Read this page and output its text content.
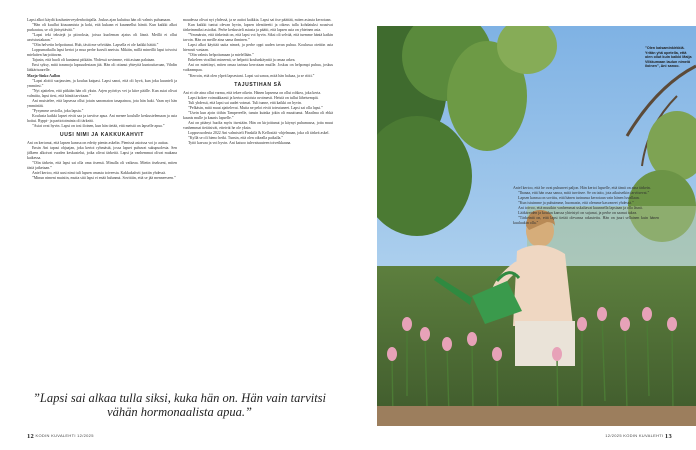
Lapsi alkoi käydä koulunterveydenhoitajalla. Joskus ajan kuluttua hän oli valmis puhumaan.

”Hän oli kuullut kiusaamista ja koki, että kukaan ei kuunnellut häntä. Kun kaikki alkoi purkautua, se oli järisyttävää.”

”Lapsi teki tekstejä ja piirroksia, joissa kuoleman ajatus oli läsnä. Meillä ei ollut aavistustakaan.”

”Olin helvetin helpottunut. Huh, tästä me selvitään. Lapsella ei ole kaikki hätää.”

Loppumatkalla lapsi kertoi ja mua perhe kuvuli aneista. Mikäin, millä mineillä lapsi toivoisi mieluiten harjoittavan.

Tajusin, että huoli oli kantanut pitkään. Yhdessä sovimme, että asiaan palataan.

Ensi syksy, mitä traumoja lapsuudestaan jää. Hän oli ottanut yhteyttä kuntouttavaan, Vihdin lääkärisaarelle.

Marja-Sinko Aallon

”Lapsi aloitti suojausten, ja koulua kaipasi. Lapsi sanoi, että oli hyvä, kun joku kuunteli ja ymmärsi.”

”Nyt ajattelen, että pitkään hän oli yksin. Arjen pyöritys vei ja kiire päälle. Kun asiat olivat valmiita, lapsi tiesi, että häntä tarvitaan.”

Ani muistelee, että lapsessa ollut jotain sanomaton tasapainoa, jota hän haki. Vaan nyt hän ymmärtää.

”Pysymme arviolla, joka lapsia.”

Koulusta kaikki lapset eivät saa ja tarvitse apua. Ani menee koululle keskustelemaan ja asia hoitui. Ryppi- ja partiotoiminta oli tärkeää.

”Asiat ovat hyvin. Lapsi on tosi iloinen, kun hän tietää, että meistä on lapselle apua.”

UUSI NIMI JA KAKKUKAHVIT

Ani on kertonut, että lapsen kanssa on edetty pienin askelin. Pienissä asioissa voi jo auttaa.

Ensin Ani tapasi ohjaajan, joka kertoi ryhmästä, jossa lapset puhuvat sukupuolesta. Sen jälkeen alkoivat vuoden keskustelut, jotka olivat tärkeitä. Lapsi ja vanhemmat olivat mukana kaikessa.

”Olin tärkein, että lapsi sai olla oma itsensä. Minulla oli vaikeaa. Mietin itsekseni, miten tästä jatketaan.”

Aniel kertoo, että uusi nimi tuli lapsen omasta toiveesta. Kakkukahvit juotiin yhdessä.

”Minun nimeni muistin, mutta sitä lapsi ei enää halunnut. Sovittiin, että se jää menneeseen.”

maudessa olivat nyt yhdessä, ja se auttoi kaikkia. Lapsi sai itse päättää, miten asiasta kerrotaan.

Kun kaikki tuntui olevan hyvin, lapsen identiteetti ja oikeus tulla kohdatuksi nousivat tärkeimmiksi asioiksi. Perhe keskusteli asiasta ja päätti, että lapsen asia on yhteinen asia.

”Ymmärsin, että tärkeintä on, että lapsi voi hyvin. Siksi oli selvää, että tuemme häntä kaikin tavoin. Hän on meille aina sama ihminen.”

Lapsi alkoi käyttää uutta nimeä, ja perhe oppi uuden tavan puhua. Koulussa otettiin asia hienosti vastaan.

”Olin valmis helpottumaan ja mielellään.”

Enkeleen virallisti mineenä, se helpotti koulunkäyntiä ja omaa arkea.

Ani on miettinyt, miten omaa tarinaa kerrotaan muille. Joskus on helpompi puhua, joskus vaikeampaa.

”Kerroin, että olen ylpeä lapsestani. Lapsi sai sanoa, mitä hän haluaa, ja se riitti.”

TAJUSTIHAN SÄ

Ani ei ole aina ollut varma, että tekee oikein. Hänen lapsensa on ollut rohkea, joka kerta.

Lapsi kokee voimakkaasti ja kertoo asioista avoimesti. Heistä on tullut läheisempiä.

Tuli yhdessä, että lapsi sai uudet voimat. Tuli tunne, että kaikki on hyvin.

”Pelkäsin, mitä muut ajattelevat. Mutta ne pelot eivät toteutuneet. Lapsi sai olla lapsi.”

”Usein kun ajoin töihin Tampereelle, tunsin kuinka jokin oli muuttunut. Maailma oli ehkä kaunis mulle ja kaunis lapselle.”

Ani on pitänyt huolta myös itsestään. Hän on kirjoittanut ja käynyt puhumassa, jotta muut vanhemmat tietäisivät, etteivät he ole yksin.

Loppuvuodesta 2022 Ani valmisteli Finskilä & Kellostää -ohjelmaan, joka oli tärkeä askel.

”Kyllä se oli hieno hetki. Tunsin, että olen oikealla paikalla.”

Tyttö kasvaa ja voi hyvin. Ani katsoo tulevaisuuteen toiveikkaana.

”Lapsi sai alkaa tulla siksi, kuka hän on. Hän vain tarvitsi vähän hormonaalista apua.”
”Olen kaisaminkirkkiä. Yritän yhä opetella, että olen ollut kuin kaikki Maija Vilkkumaan laulun nimeiä iloinen”, Ani sanoo.

Aniel kertoo, että he ovat puhuneet paljon. Hän kertoi lapselle, että tämä on aina tärkein.

”Ihanaa, että hän osaa sanoa, mitä tarvitsee. Se on taito, jota aikuisetkin tarvitsevat.”

Lapsen kanssa on sovittu, että hänen tarinansa kerrotaan vain hänen luvallaan.

”Kun istuimme ja puhuimme, huomasin, että olemme kasvaneet yhdessä.”

Ani toivoo, että muutkin vanhemmat uskaltavat kuunnella lapsiaan ja olla läsnä.

Lääkäreiden ja koulun kanssa yhteistyö on sujunut, ja perhe on saanut tukea.

”Tärkeintä on, että lapsi tietää olevansa rakastettu. Hän on juuri sellainen kuin hänen kuuluukin olla.”

12 KODIN KUVALEHTI 12/2025	12/2025 KODIN KUVALEHTI 13
